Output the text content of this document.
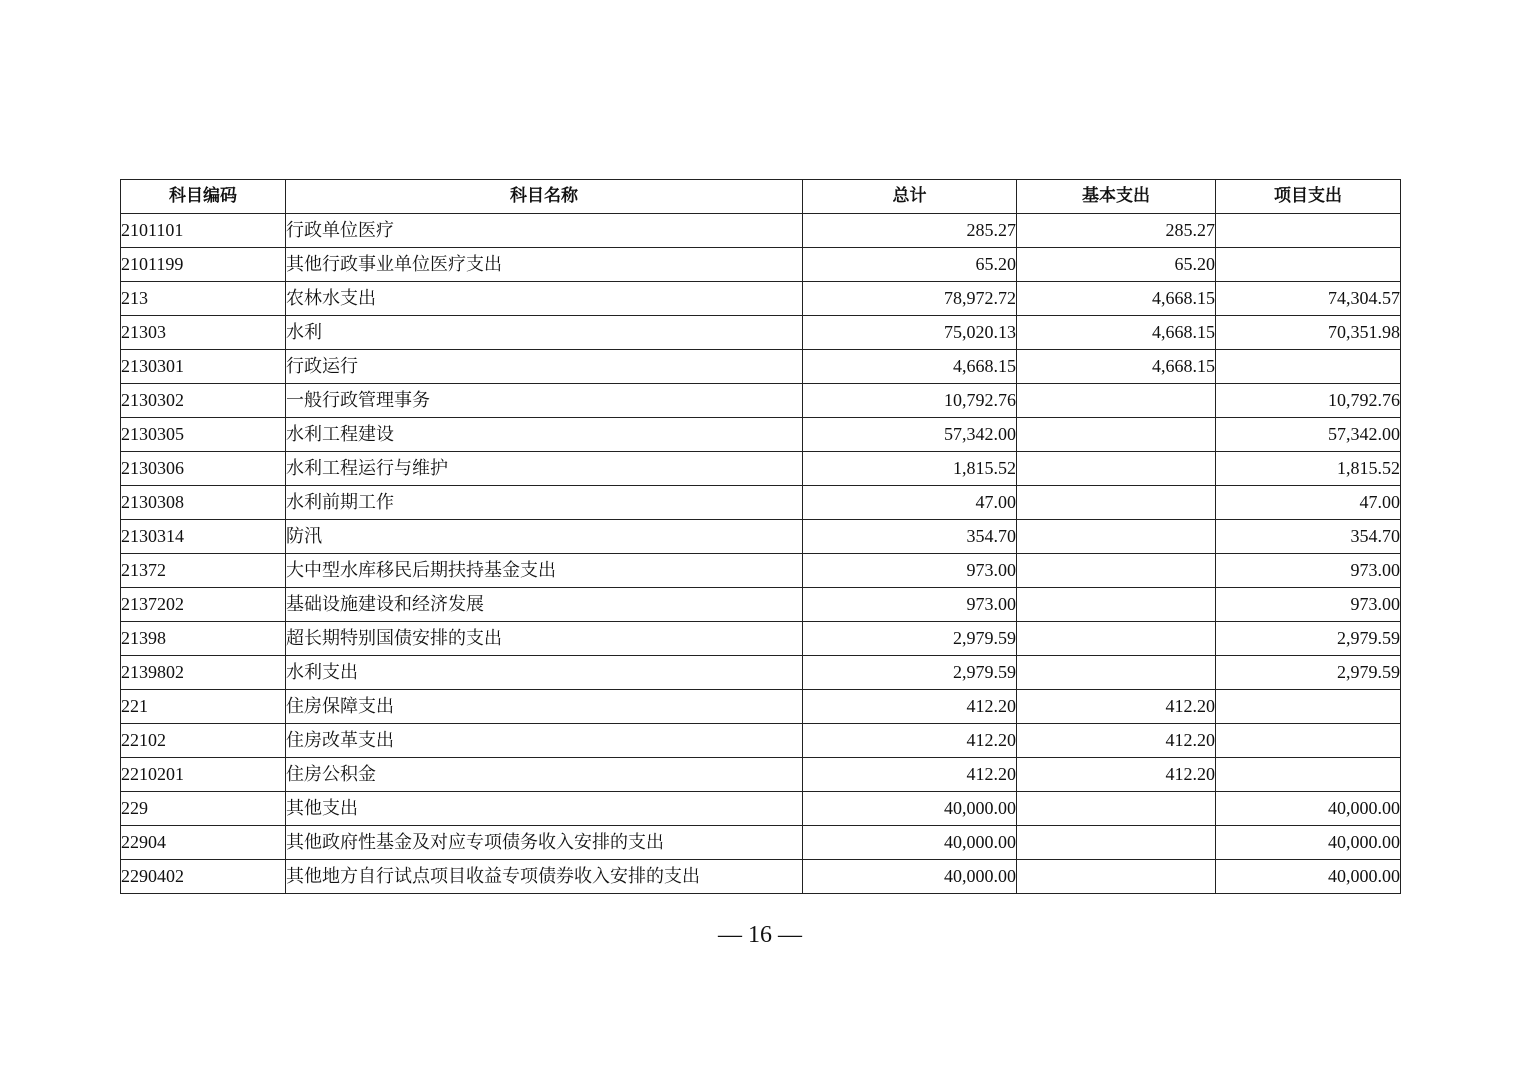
科目编码	科目名称	总计	基本支出	项目支出
2101101	行政单位医疗	285.27	285.27	
2101199	其他行政事业单位医疗支出	65.20	65.20	
213	农林水支出	78,972.72	4,668.15	74,304.57
21303	水利	75,020.13	4,668.15	70,351.98
2130301	行政运行	4,668.15	4,668.15	
2130302	一般行政管理事务	10,792.76		10,792.76
2130305	水利工程建设	57,342.00		57,342.00
2130306	水利工程运行与维护	1,815.52		1,815.52
2130308	水利前期工作	47.00		47.00
2130314	防汛	354.70		354.70
21372	大中型水库移民后期扶持基金支出	973.00		973.00
2137202	基础设施建设和经济发展	973.00		973.00
21398	超长期特别国债安排的支出	2,979.59		2,979.59
2139802	水利支出	2,979.59		2,979.59
221	住房保障支出	412.20	412.20	
22102	住房改革支出	412.20	412.20	
2210201	住房公积金	412.20	412.20	
229	其他支出	40,000.00		40,000.00
22904	其他政府性基金及对应专项债务收入安排的支出	40,000.00		40,000.00
2290402	其他地方自行试点项目收益专项债券收入安排的支出	40,000.00		40,000.00
— 16 —
